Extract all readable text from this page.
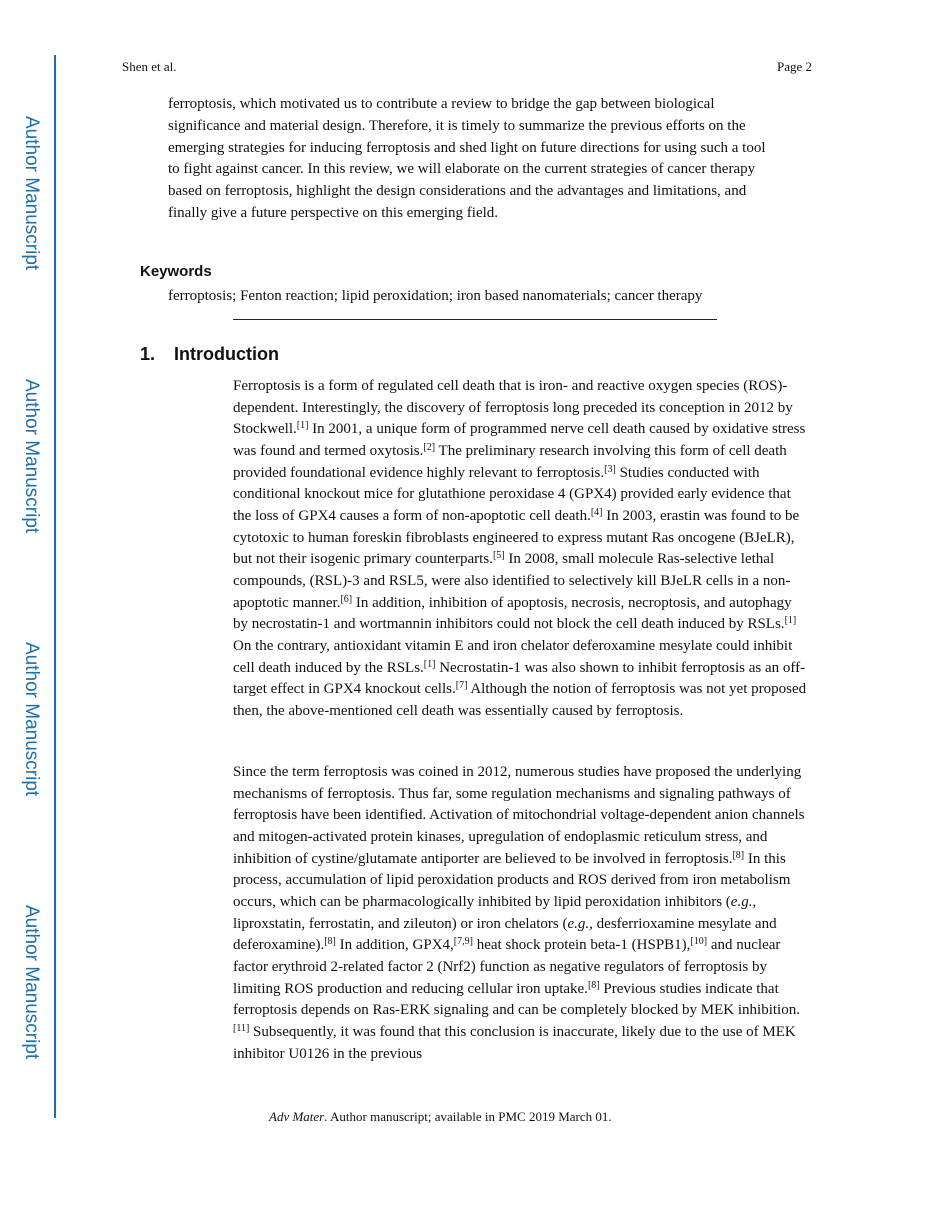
Author Manuscript
Author Manuscript
Author Manuscript
Author Manuscript
Shen et al.	Page 2

ferroptosis, which motivated us to contribute a review to bridge the gap between biological significance and material design. Therefore, it is timely to summarize the previous efforts on the emerging strategies for inducing ferroptosis and shed light on future directions for using such a tool to fight against cancer. In this review, we will elaborate on the current strategies of cancer therapy based on ferroptosis, highlight the design considerations and the advantages and limitations, and finally give a future perspective on this emerging field.

Keywords

ferroptosis; Fenton reaction; lipid peroxidation; iron based nanomaterials; cancer therapy

1. Introduction

Ferroptosis is a form of regulated cell death that is iron- and reactive oxygen species (ROS)-dependent. Interestingly, the discovery of ferroptosis long preceded its conception in 2012 by Stockwell.[1] In 2001, a unique form of programmed nerve cell death caused by oxidative stress was found and termed oxytosis.[2] The preliminary research involving this form of cell death provided foundational evidence highly relevant to ferroptosis.[3] Studies conducted with conditional knockout mice for glutathione peroxidase 4 (GPX4) provided early evidence that the loss of GPX4 causes a form of non-apoptotic cell death.[4] In 2003, erastin was found to be cytotoxic to human foreskin fibroblasts engineered to express mutant Ras oncogene (BJeLR), but not their isogenic primary counterparts.[5] In 2008, small molecule Ras-selective lethal compounds, (RSL)-3 and RSL5, were also identified to selectively kill BJeLR cells in a non-apoptotic manner.[6] In addition, inhibition of apoptosis, necrosis, necroptosis, and autophagy by necrostatin-1 and wortmannin inhibitors could not block the cell death induced by RSLs.[1] On the contrary, antioxidant vitamin E and iron chelator deferoxamine mesylate could inhibit cell death induced by the RSLs.[1] Necrostatin-1 was also shown to inhibit ferroptosis as an off-target effect in GPX4 knockout cells.[7] Although the notion of ferroptosis was not yet proposed then, the above-mentioned cell death was essentially caused by ferroptosis.

Since the term ferroptosis was coined in 2012, numerous studies have proposed the underlying mechanisms of ferroptosis. Thus far, some regulation mechanisms and signaling pathways of ferroptosis have been identified. Activation of mitochondrial voltage-dependent anion channels and mitogen-activated protein kinases, upregulation of endoplasmic reticulum stress, and inhibition of cystine/glutamate antiporter are believed to be involved in ferroptosis.[8] In this process, accumulation of lipid peroxidation products and ROS derived from iron metabolism occurs, which can be pharmacologically inhibited by lipid peroxidation inhibitors (e.g., liproxstatin, ferrostatin, and zileuton) or iron chelators (e.g., desferrioxamine mesylate and deferoxamine).[8] In addition, GPX4,[7,9] heat shock protein beta-1 (HSPB1),[10] and nuclear factor erythroid 2-related factor 2 (Nrf2) function as negative regulators of ferroptosis by limiting ROS production and reducing cellular iron uptake.[8] Previous studies indicate that ferroptosis depends on Ras-ERK signaling and can be completely blocked by MEK inhibition.[11] Subsequently, it was found that this conclusion is inaccurate, likely due to the use of MEK inhibitor U0126 in the previous

Adv Mater. Author manuscript; available in PMC 2019 March 01.
